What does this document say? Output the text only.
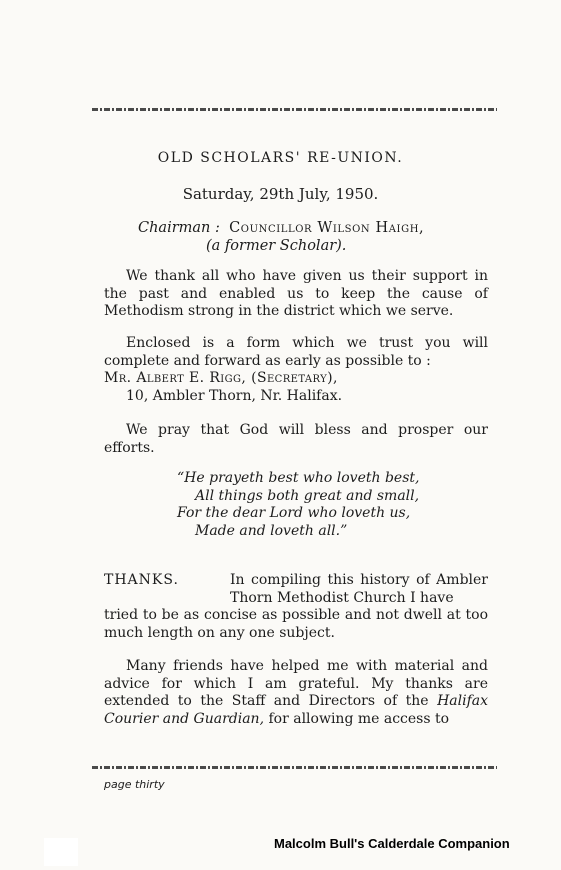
OLD SCHOLARS' RE-UNION.
Saturday, 29th July, 1950.
Chairman : Councillor Wilson Haigh,
(a former Scholar).

We thank all who have given us their support in the past and enabled us to keep the cause of Methodism strong in the district which we serve.

Enclosed is a form which we trust you will complete and forward as early as possible to :

Mr. Albert E. Rigg, (Secretary),
10, Ambler Thorn, Nr. Halifax.

We pray that God will bless and prosper our efforts.

“He prayeth best who loveth best,
All things both great and small,
For the dear Lord who loveth us,
Made and loveth all.”
THANKS.	In compiling this history of Ambler Thorn Methodist Church I have
tried to be as concise as possible and not dwell at too much length on any one subject.

Many friends have helped me with material and advice for which I am grateful. My thanks are extended to the Staff and Directors of the Halifax Courier and Guardian, for allowing me access to

page thirty
Malcolm Bull's Calderdale Companion
